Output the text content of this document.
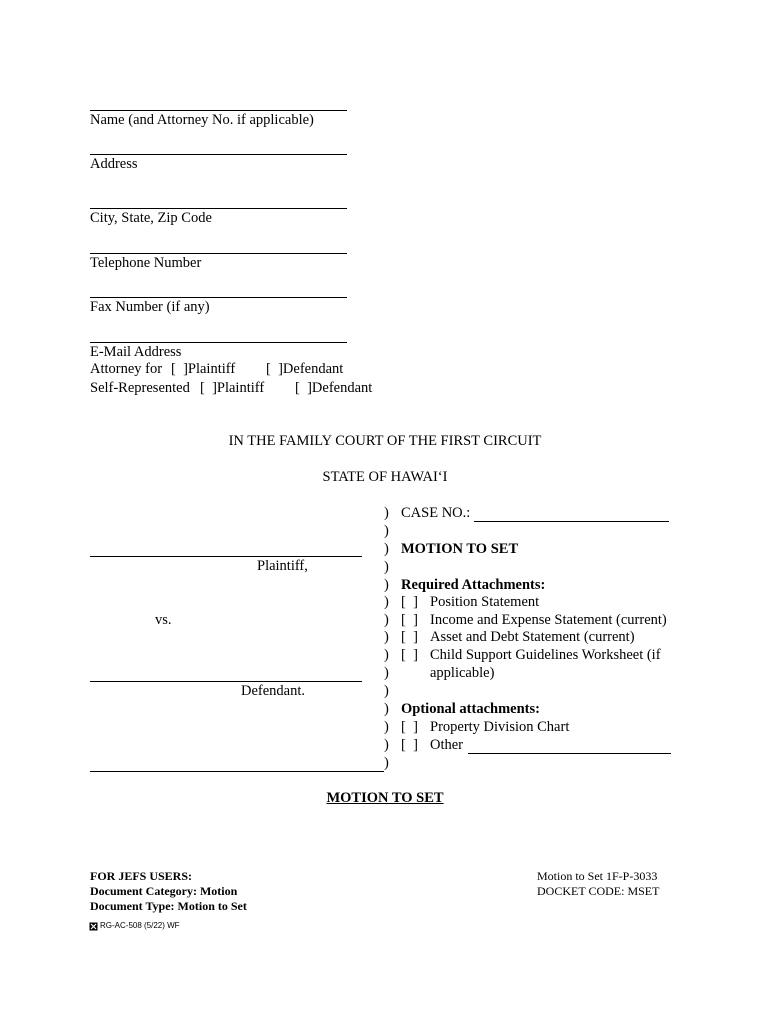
Name (and Attorney No. if applicable)
Address
City, State, Zip Code
Telephone Number
Fax Number (if any)
E-Mail Address
Attorney for [  ]Plaintiff [  ]Defendant
Self-Represented [  ]Plaintiff [  ]Defendant
IN THE FAMILY COURT OF THE FIRST CIRCUIT
STATE OF HAWAI‘I
Plaintiff,
vs.
Defendant.
)
)
)
)
)
)
)
)
)
)
)
)
)
)
)
CASE NO.:
MOTION TO SET
Required Attachments:
[  ] Position Statement
[  ] Income and Expense Statement (current)
[  ] Asset and Debt Statement (current)
[  ] Child Support Guidelines Worksheet (if
applicable)
Optional attachments:
[  ] Property Division Chart
[  ] Other
MOTION TO SET
FOR JEFS USERS:
Document Category: Motion
Document Type: Motion to Set
Motion to Set 1F-P-3033
DOCKET CODE: MSET
RG-AC-508 (5/22) WF
